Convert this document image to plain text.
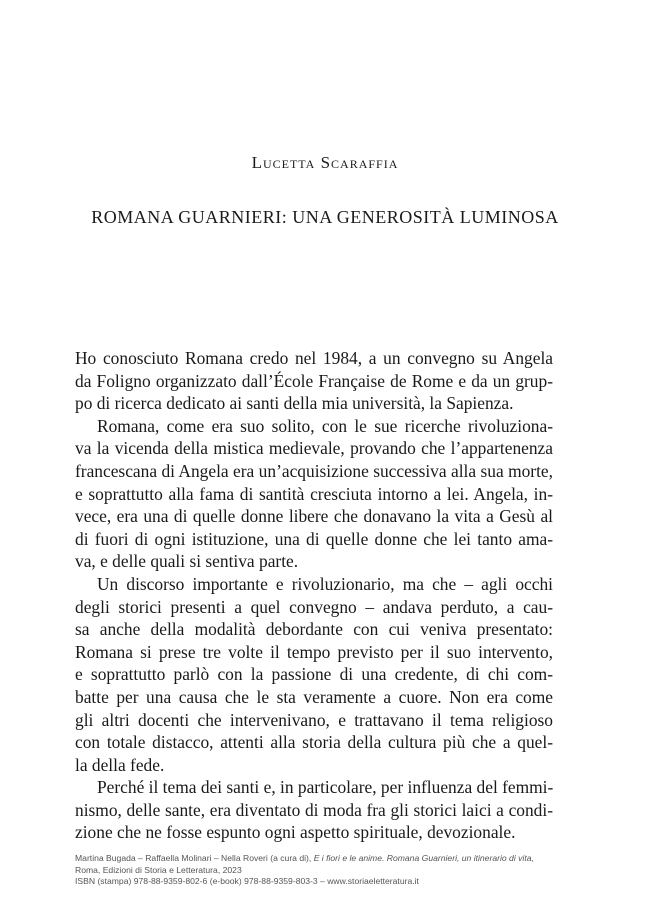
Lucetta Scaraffia
ROMANA GUARNIERI: UNA GENEROSITÀ LUMINOSA
Ho conosciuto Romana credo nel 1984, a un convegno su Angela
da Foligno organizzato dall’École Française de Rome e da un grup-
po di ricerca dedicato ai santi della mia università, la Sapienza.
Romana, come era suo solito, con le sue ricerche rivoluziona-
va la vicenda della mistica medievale, provando che l’appartenenza
francescana di Angela era un’acquisizione successiva alla sua morte,
e soprattutto alla fama di santità cresciuta intorno a lei. Angela, in-
vece, era una di quelle donne libere che donavano la vita a Gesù al
di fuori di ogni istituzione, una di quelle donne che lei tanto ama-
va, e delle quali si sentiva parte.
Un discorso importante e rivoluzionario, ma che – agli occhi
degli storici presenti a quel convegno – andava perduto, a cau-
sa anche della modalità debordante con cui veniva presentato:
Romana si prese tre volte il tempo previsto per il suo intervento,
e soprattutto parlò con la passione di una credente, di chi com-
batte per una causa che le sta veramente a cuore. Non era come
gli altri docenti che intervenivano, e trattavano il tema religioso
con totale distacco, attenti alla storia della cultura più che a quel-
la della fede.
Perché il tema dei santi e, in particolare, per influenza del femmi-
nismo, delle sante, era diventato di moda fra gli storici laici a condi-
zione che ne fosse espunto ogni aspetto spirituale, devozionale.
Martina Bugada – Raffaella Molinari – Nella Roveri (a cura di), E i fiori e le anime. Romana Guarnieri, un itinerario di vita,
Roma, Edizioni di Storia e Letteratura, 2023
ISBN (stampa) 978-88-9359-802-6 (e-book) 978-88-9359-803-3 – www.storiaeletteratura.it
